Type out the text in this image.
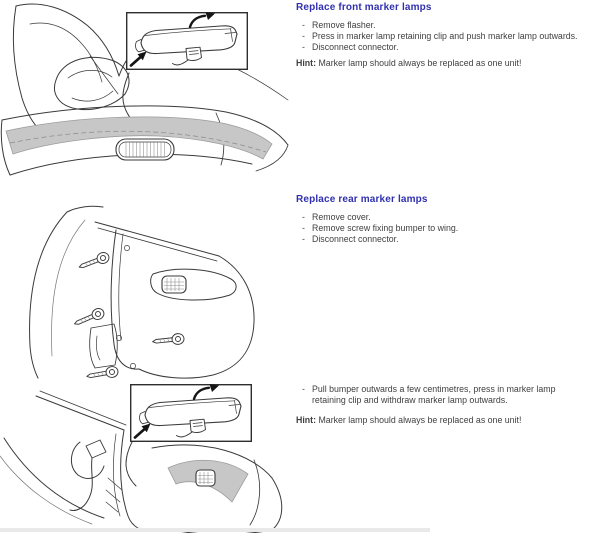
Replace front marker lamps
- Remove flasher.
- Press in marker lamp retaining clip and push marker lamp outwards.
- Disconnect connector.
Hint: Marker lamp should always be replaced as one unit!
Replace rear marker lamps
- Remove cover.
- Remove screw fixing bumper to wing.
- Disconnect connector.
- Pull bumper outwards a few centimetres, press in marker lamp retaining clip and withdraw marker lamp outwards.
Hint: Marker lamp should always be replaced as one unit!
